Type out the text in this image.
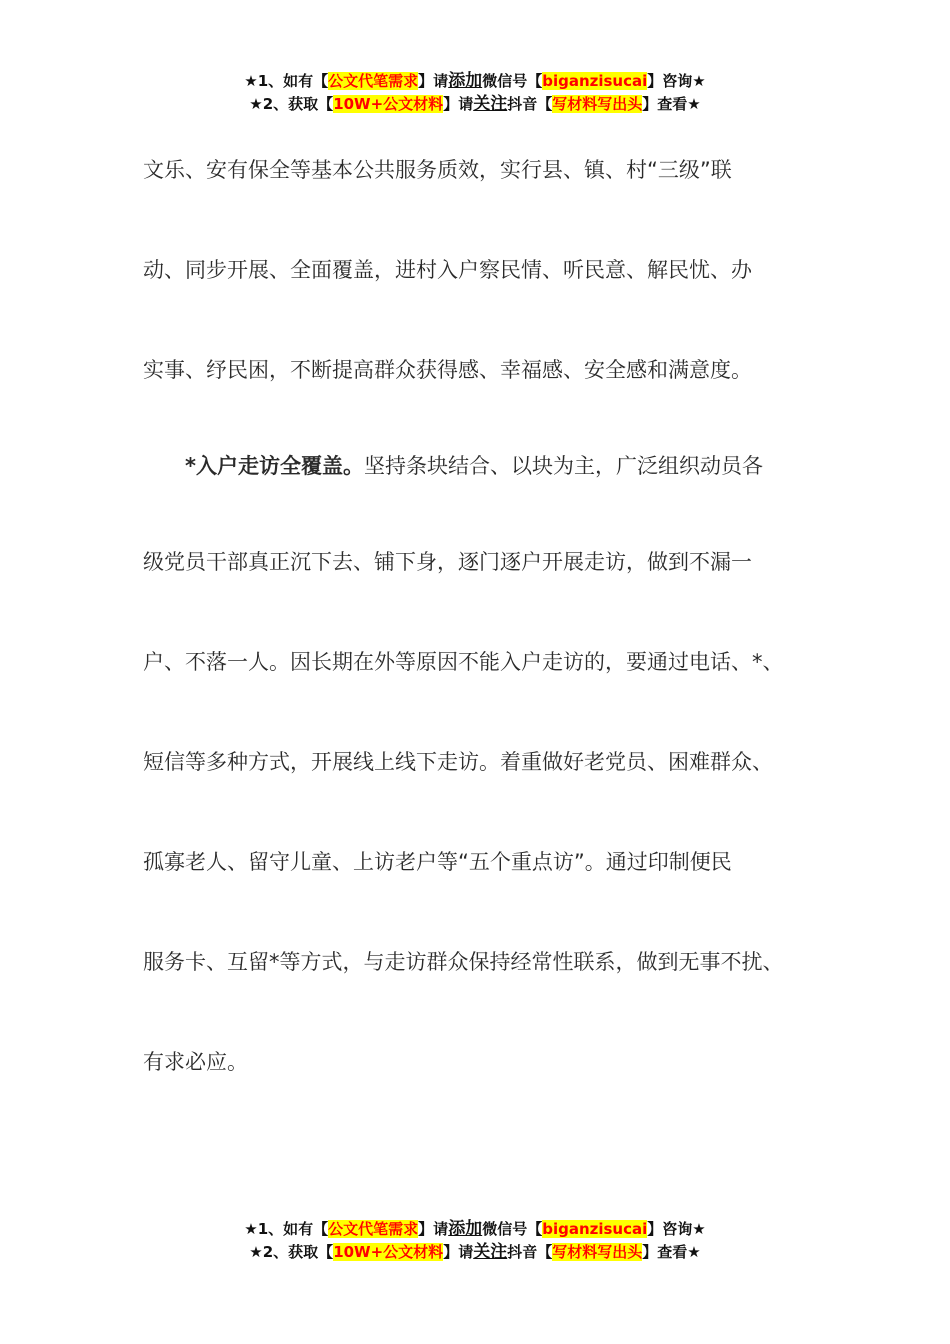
★1、如有【公文代笔需求】请添加微信号【biganzisucai】咨询★
★2、获取【10W+公文材料】请关注抖音【写材料写出头】查看★
文乐、安有保全等基本公共服务质效，实行县、镇、村“三级”联
动、同步开展、全面覆盖，进村入户察民情、听民意、解民忧、办
实事、纾民困，不断提高群众获得感、幸福感、安全感和满意度。
*入户走访全覆盖。坚持条块结合、以块为主，广泛组织动员各
级党员干部真正沉下去、铺下身，逐门逐户开展走访，做到不漏一
户、不落一人。因长期在外等原因不能入户走访的，要通过电话、*、
短信等多种方式，开展线上线下走访。着重做好老党员、困难群众、
孤寡老人、留守儿童、上访老户等“五个重点访”。通过印制便民
服务卡、互留*等方式，与走访群众保持经常性联系，做到无事不扰、
有求必应。
★1、如有【公文代笔需求】请添加微信号【biganzisucai】咨询★
★2、获取【10W+公文材料】请关注抖音【写材料写出头】查看★
